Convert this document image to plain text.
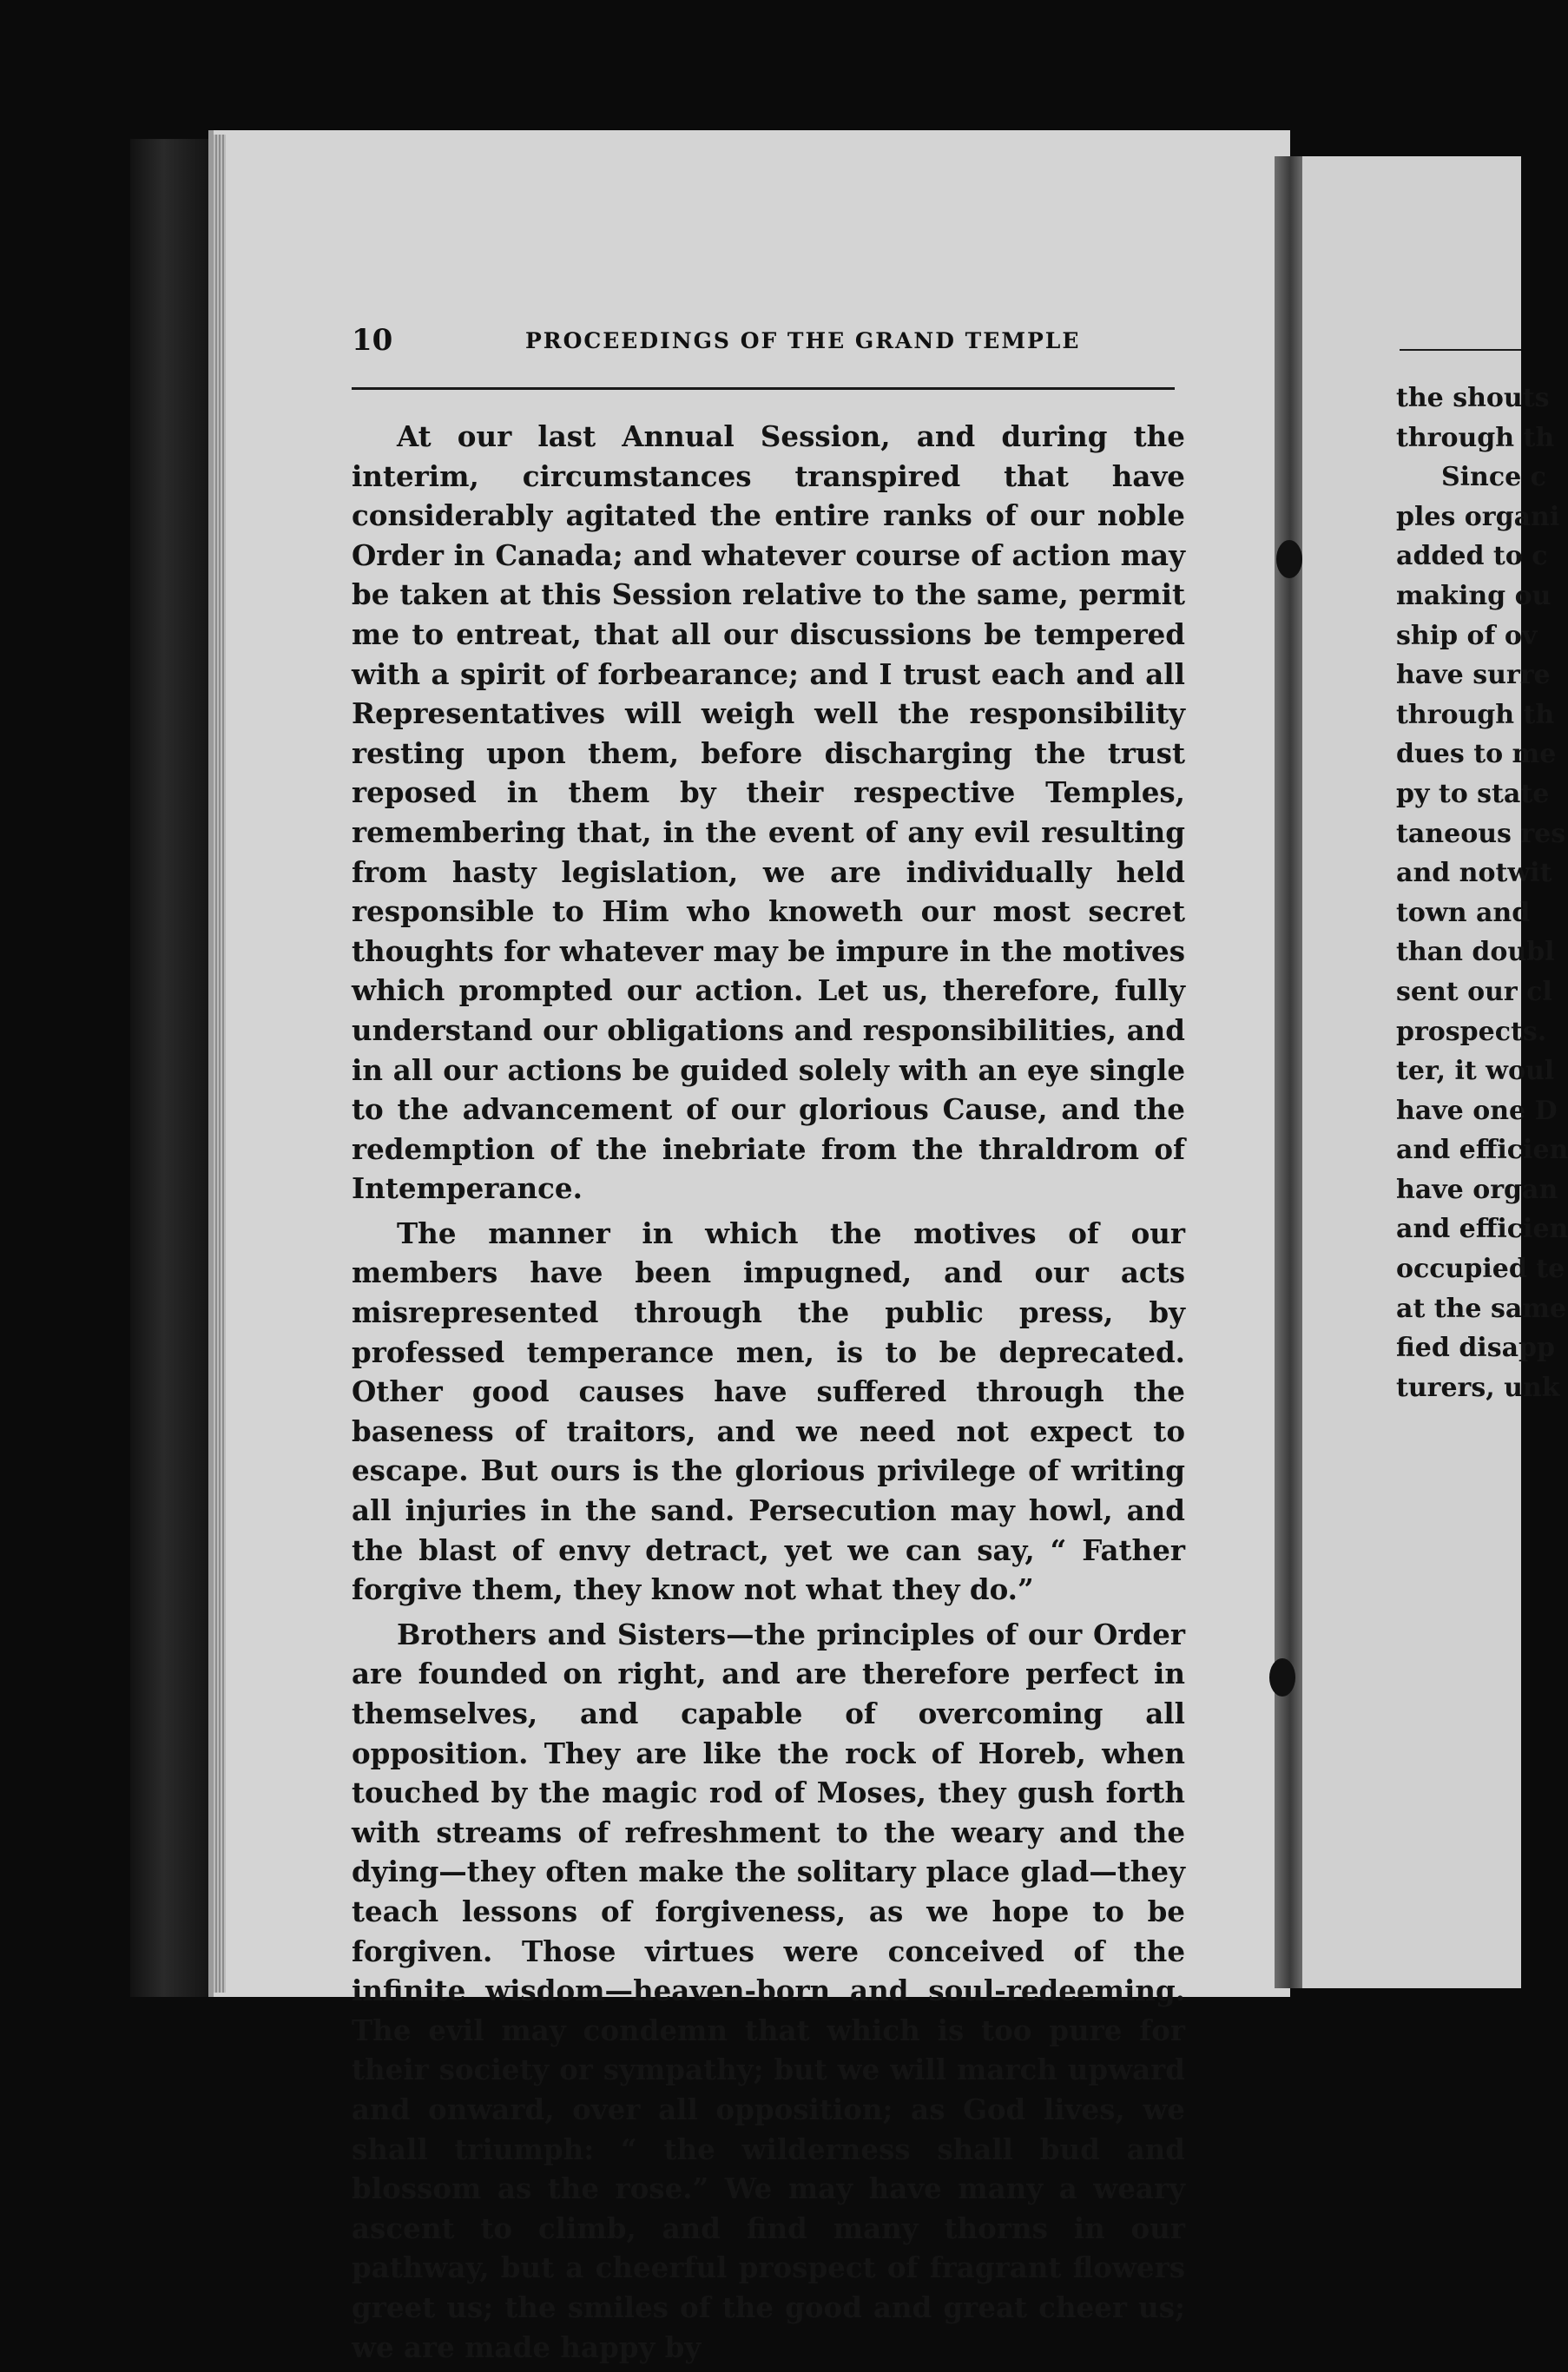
10	PROCEEDINGS OF THE GRAND TEMPLE

At our last Annual Session, and during the interim, circumstances transpired that have considerably agitated the entire ranks of our noble Order in Canada; and whatever course of action may be taken at this Session relative to the same, permit me to entreat, that all our discussions be tempered with a spirit of forbearance; and I trust each and all Representatives will weigh well the responsibility resting upon them, before discharging the trust reposed in them by their respective Temples, remembering that, in the event of any evil resulting from hasty legislation, we are individually held responsible to Him who knoweth our most secret thoughts for whatever may be impure in the motives which prompted our action. Let us, therefore, fully understand our obligations and responsibilities, and in all our actions be guided solely with an eye single to the advancement of our glorious Cause, and the redemption of the inebriate from the thraldrom of Intemperance.

The manner in which the motives of our members have been impugned, and our acts misrepresented through the public press, by professed temperance men, is to be deprecated. Other good causes have suffered through the baseness of traitors, and we need not expect to escape. But ours is the glorious privilege of writing all injuries in the sand. Persecution may howl, and the blast of envy detract, yet we can say, “ Father forgive them, they know not what they do.”

Brothers and Sisters—the principles of our Order are founded on right, and are therefore perfect in themselves, and capable of overcoming all opposition. They are like the rock of Horeb, when touched by the magic rod of Moses, they gush forth with streams of refreshment to the weary and the dying—they often make the solitary place glad—they teach lessons of forgiveness, as we hope to be forgiven. Those virtues were conceived of the infinite wisdom—heaven-born and soul-redeeming. The evil may condemn that which is too pure for their society or sympathy; but we will march upward and onward, over all opposition; as God lives, we shall triumph: “ the wilderness shall bud and blossom as the rose.” We may have many a weary ascent to climb, and find many thorns in our pathway, but a cheerful prospect of fragrant flowers greet us; the smiles of the good and great cheer us; we are made happy by

the shouts
through th
Since c
ples organi
added to c
making ou
ship of ov
have surre
through th
dues to me
py to state
taneous res
and notwit
town and
than doubl
sent our cl
prospects.
ter, it woul
have one D
and efficien
have organ
and efficien
occupied te
at the same
fied disapp
turers, unk
